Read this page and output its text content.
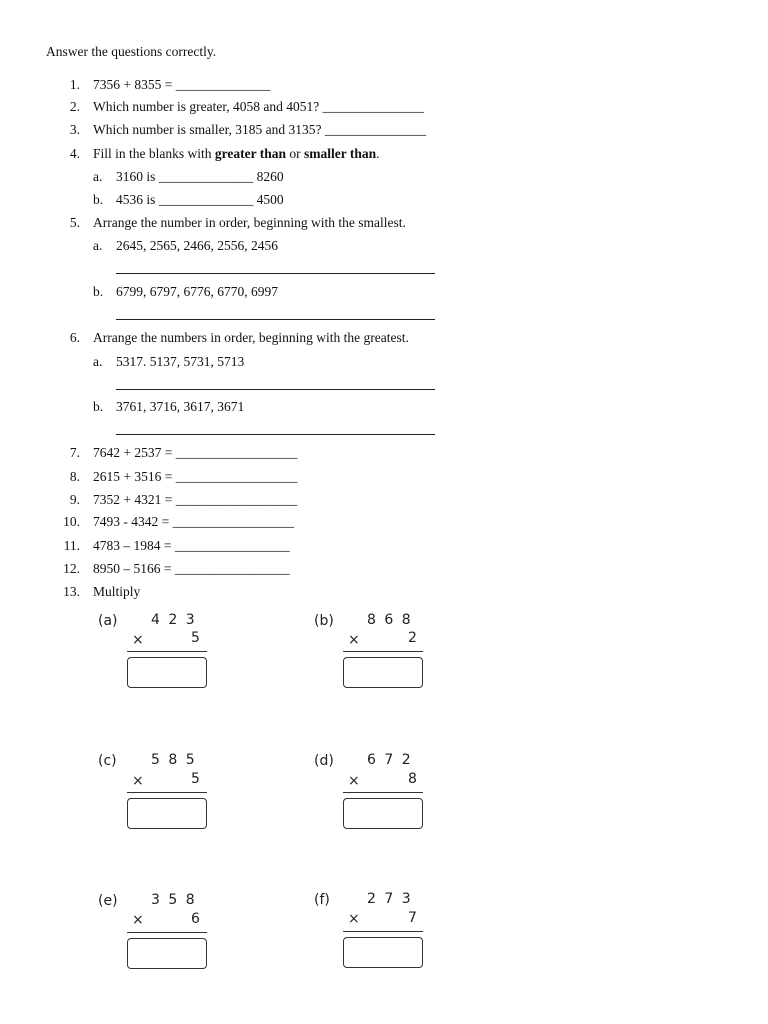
Answer the questions correctly.
1. 7356 + 8355 = ______________
2. Which number is greater, 4058 and 4051? _______________
3. Which number is smaller, 3185 and 3135? _______________
4. Fill in the blanks with greater than or smaller than.
a. 3160 is ______________ 8260
b. 4536 is ______________ 4500
5. Arrange the number in order, beginning with the smallest.
a. 2645, 2565, 2466, 2556, 2456
b. 6799, 6797, 6776, 6770, 6997
6. Arrange the numbers in order, beginning with the greatest.
a. 5317. 5137, 5731, 5713
b. 3761, 3716, 3617, 3671
7. 7642 + 2537 = __________________
8. 2615 + 3516 = __________________
9. 7352 + 4321 = __________________
10. 7493 - 4342 = __________________
11. 4783 – 1984 = _________________
12. 8950 – 5166 = _________________
13. Multiply
(a) 4 2 3
×	5
(b) 8 6 8
×	2
(c) 5 8 5
×	5
(d) 6 7 2
×	8
(e) 3 5 8
×	6
(f)	2 7 3
×	7
